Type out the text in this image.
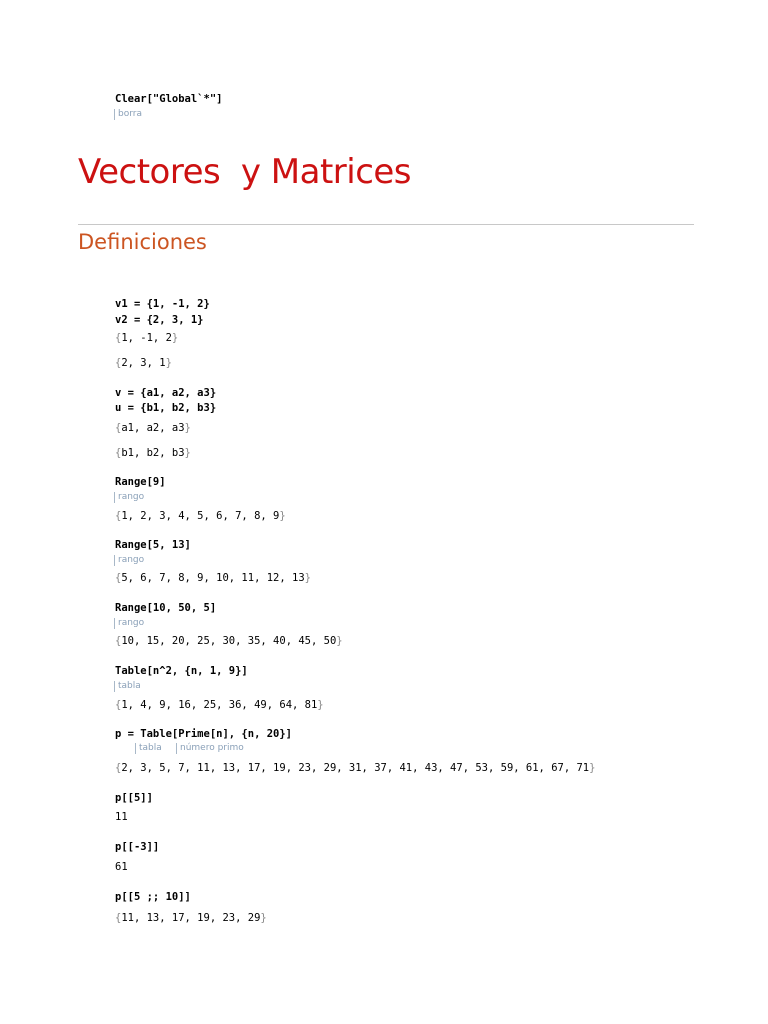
Clear["Global`*"]
borra
Vectores  y Matrices
Definiciones
v1 = {1, -1, 2}
v2 = {2, 3, 1}
{1, -1, 2}
{2, 3, 1}
v = {a1, a2, a3}
u = {b1, b2, b3}
{a1, a2, a3}
{b1, b2, b3}
Range[9]
rango
{1, 2, 3, 4, 5, 6, 7, 8, 9}
Range[5, 13]
rango
{5, 6, 7, 8, 9, 10, 11, 12, 13}
Range[10, 50, 5]
rango
{10, 15, 20, 25, 30, 35, 40, 45, 50}
Table[n^2, {n, 1, 9}]
tabla
{1, 4, 9, 16, 25, 36, 49, 64, 81}
p = Table[Prime[n], {n, 20}]
tabla	número primo
{2, 3, 5, 7, 11, 13, 17, 19, 23, 29, 31, 37, 41, 43, 47, 53, 59, 61, 67, 71}
p[[5]]
11
p[[-3]]
61
p[[5 ;; 10]]
{11, 13, 17, 19, 23, 29}
